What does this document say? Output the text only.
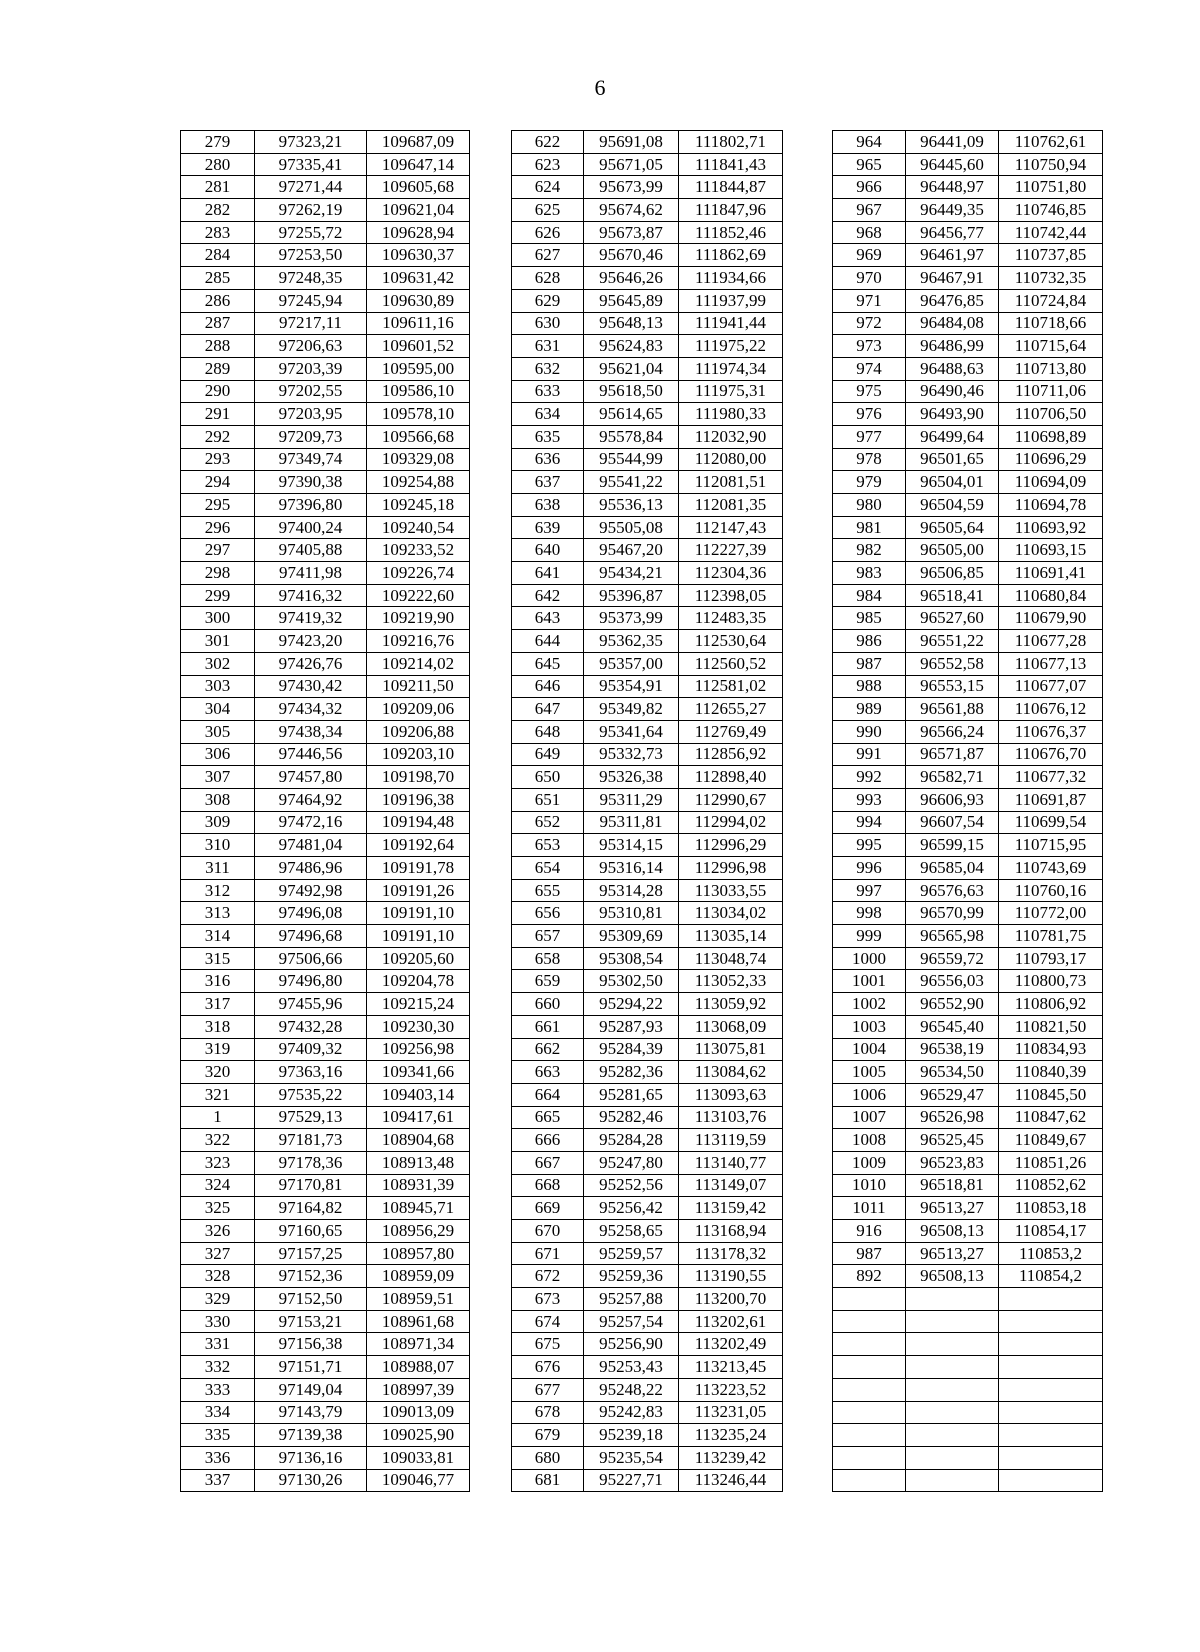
6
279	97323,21	109687,09
280	97335,41	109647,14
281	97271,44	109605,68
282	97262,19	109621,04
283	97255,72	109628,94
284	97253,50	109630,37
285	97248,35	109631,42
286	97245,94	109630,89
287	97217,11	109611,16
288	97206,63	109601,52
289	97203,39	109595,00
290	97202,55	109586,10
291	97203,95	109578,10
292	97209,73	109566,68
293	97349,74	109329,08
294	97390,38	109254,88
295	97396,80	109245,18
296	97400,24	109240,54
297	97405,88	109233,52
298	97411,98	109226,74
299	97416,32	109222,60
300	97419,32	109219,90
301	97423,20	109216,76
302	97426,76	109214,02
303	97430,42	109211,50
304	97434,32	109209,06
305	97438,34	109206,88
306	97446,56	109203,10
307	97457,80	109198,70
308	97464,92	109196,38
309	97472,16	109194,48
310	97481,04	109192,64
311	97486,96	109191,78
312	97492,98	109191,26
313	97496,08	109191,10
314	97496,68	109191,10
315	97506,66	109205,60
316	97496,80	109204,78
317	97455,96	109215,24
318	97432,28	109230,30
319	97409,32	109256,98
320	97363,16	109341,66
321	97535,22	109403,14
1	97529,13	109417,61
322	97181,73	108904,68
323	97178,36	108913,48
324	97170,81	108931,39
325	97164,82	108945,71
326	97160,65	108956,29
327	97157,25	108957,80
328	97152,36	108959,09
329	97152,50	108959,51
330	97153,21	108961,68
331	97156,38	108971,34
332	97151,71	108988,07
333	97149,04	108997,39
334	97143,79	109013,09
335	97139,38	109025,90
336	97136,16	109033,81
337	97130,26	109046,77
622	95691,08	111802,71
623	95671,05	111841,43
624	95673,99	111844,87
625	95674,62	111847,96
626	95673,87	111852,46
627	95670,46	111862,69
628	95646,26	111934,66
629	95645,89	111937,99
630	95648,13	111941,44
631	95624,83	111975,22
632	95621,04	111974,34
633	95618,50	111975,31
634	95614,65	111980,33
635	95578,84	112032,90
636	95544,99	112080,00
637	95541,22	112081,51
638	95536,13	112081,35
639	95505,08	112147,43
640	95467,20	112227,39
641	95434,21	112304,36
642	95396,87	112398,05
643	95373,99	112483,35
644	95362,35	112530,64
645	95357,00	112560,52
646	95354,91	112581,02
647	95349,82	112655,27
648	95341,64	112769,49
649	95332,73	112856,92
650	95326,38	112898,40
651	95311,29	112990,67
652	95311,81	112994,02
653	95314,15	112996,29
654	95316,14	112996,98
655	95314,28	113033,55
656	95310,81	113034,02
657	95309,69	113035,14
658	95308,54	113048,74
659	95302,50	113052,33
660	95294,22	113059,92
661	95287,93	113068,09
662	95284,39	113075,81
663	95282,36	113084,62
664	95281,65	113093,63
665	95282,46	113103,76
666	95284,28	113119,59
667	95247,80	113140,77
668	95252,56	113149,07
669	95256,42	113159,42
670	95258,65	113168,94
671	95259,57	113178,32
672	95259,36	113190,55
673	95257,88	113200,70
674	95257,54	113202,61
675	95256,90	113202,49
676	95253,43	113213,45
677	95248,22	113223,52
678	95242,83	113231,05
679	95239,18	113235,24
680	95235,54	113239,42
681	95227,71	113246,44
964	96441,09	110762,61
965	96445,60	110750,94
966	96448,97	110751,80
967	96449,35	110746,85
968	96456,77	110742,44
969	96461,97	110737,85
970	96467,91	110732,35
971	96476,85	110724,84
972	96484,08	110718,66
973	96486,99	110715,64
974	96488,63	110713,80
975	96490,46	110711,06
976	96493,90	110706,50
977	96499,64	110698,89
978	96501,65	110696,29
979	96504,01	110694,09
980	96504,59	110694,78
981	96505,64	110693,92
982	96505,00	110693,15
983	96506,85	110691,41
984	96518,41	110680,84
985	96527,60	110679,90
986	96551,22	110677,28
987	96552,58	110677,13
988	96553,15	110677,07
989	96561,88	110676,12
990	96566,24	110676,37
991	96571,87	110676,70
992	96582,71	110677,32
993	96606,93	110691,87
994	96607,54	110699,54
995	96599,15	110715,95
996	96585,04	110743,69
997	96576,63	110760,16
998	96570,99	110772,00
999	96565,98	110781,75
1000	96559,72	110793,17
1001	96556,03	110800,73
1002	96552,90	110806,92
1003	96545,40	110821,50
1004	96538,19	110834,93
1005	96534,50	110840,39
1006	96529,47	110845,50
1007	96526,98	110847,62
1008	96525,45	110849,67
1009	96523,83	110851,26
1010	96518,81	110852,62
1011	96513,27	110853,18
916	96508,13	110854,17
987	96513,27	110853,2
892	96508,13	110854,2
